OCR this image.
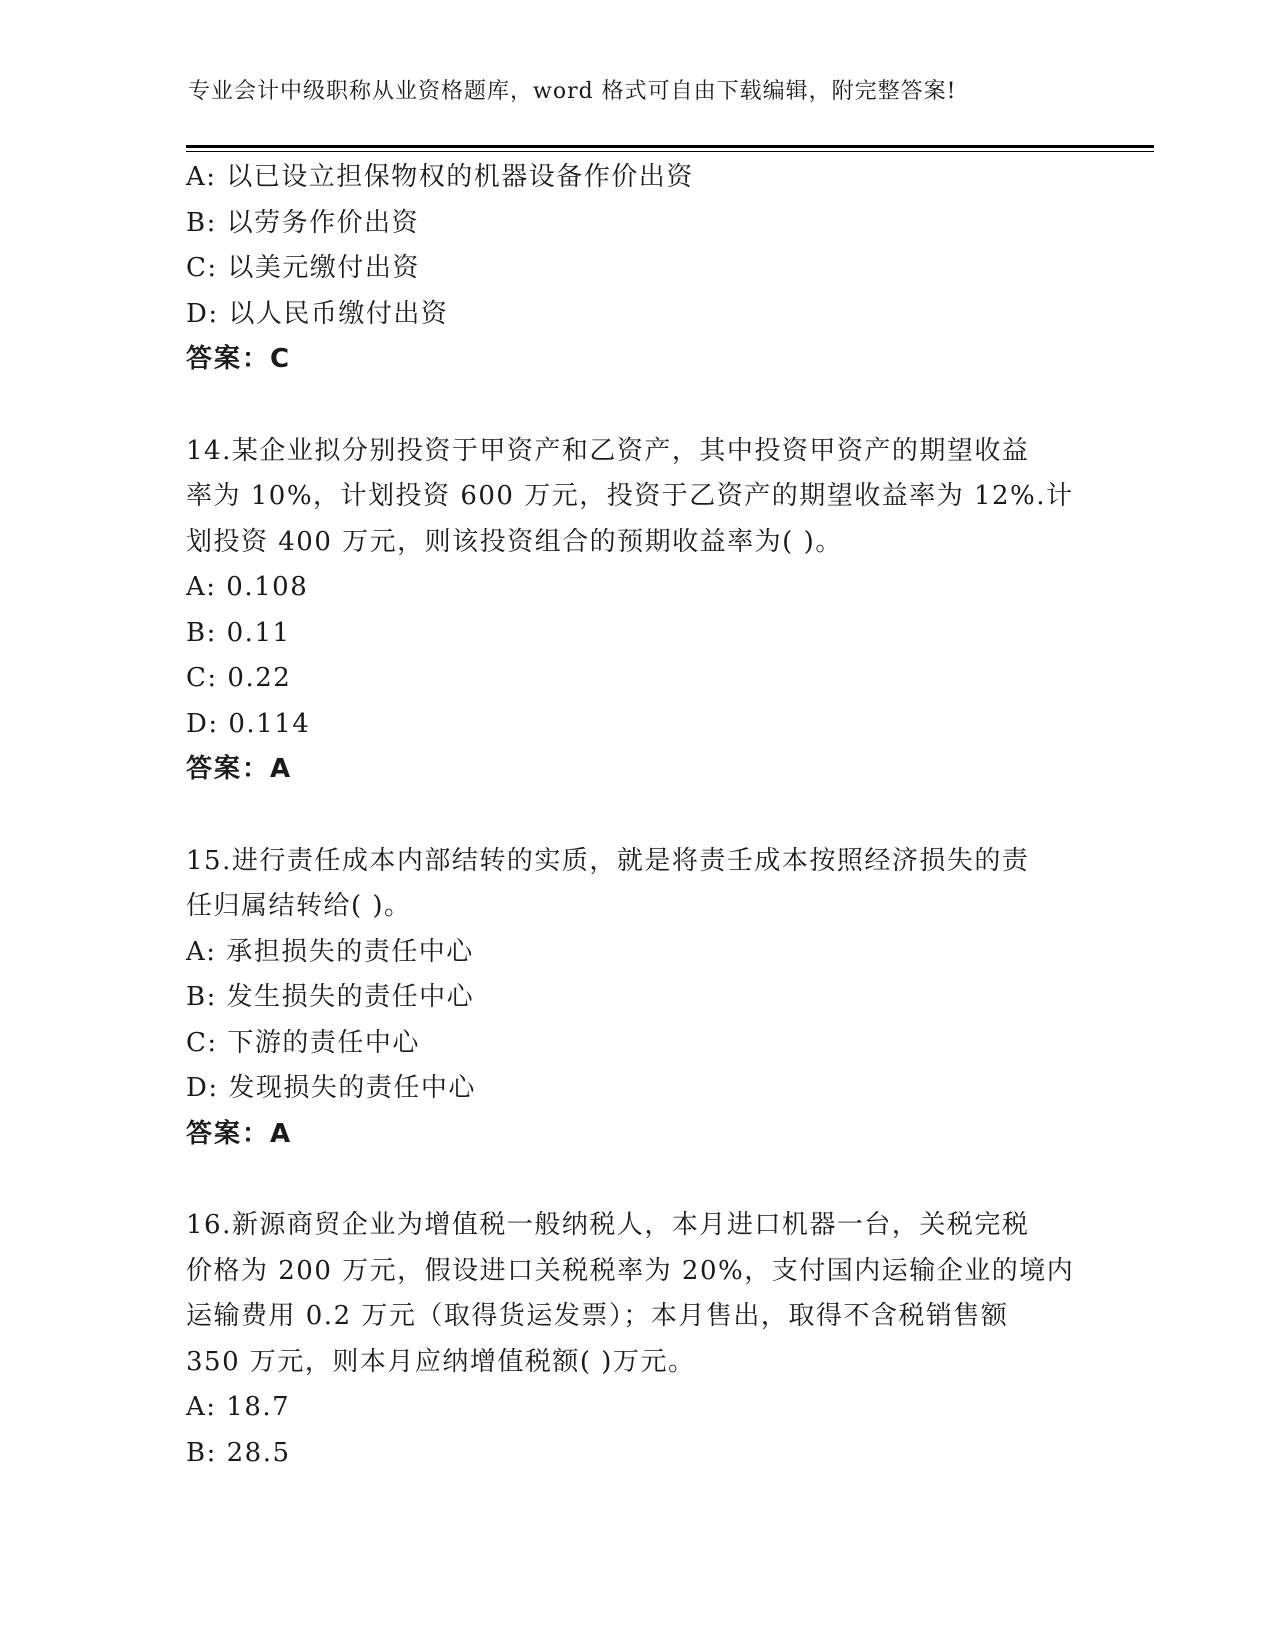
专业会计中级职称从业资格题库，word 格式可自由下载编辑，附完整答案!
A: 以已设立担保物权的机器设备作价出资
B: 以劳务作价出资
C: 以美元缴付出资
D: 以人民币缴付出资
答案：C
14.某企业拟分别投资于甲资产和乙资产，其中投资甲资产的期望收益
率为 10%，计划投资 600 万元，投资于乙资产的期望收益率为 12%.计
划投资 400 万元，则该投资组合的预期收益率为( )。
A: 0.108
B: 0.11
C: 0.22
D: 0.114
答案：A
15.进行责任成本内部结转的实质，就是将责壬成本按照经济损失的责
任归属结转给( )。
A: 承担损失的责任中心
B: 发生损失的责任中心
C: 下游的责任中心
D: 发现损失的责任中心
答案：A
16.新源商贸企业为增值税一般纳税人，本月进口机器一台，关税完税
价格为 200 万元，假设进口关税税率为 20%，支付国内运输企业的境内
运输费用 0.2 万元（取得货运发票）；本月售出，取得不含税销售额
350 万元，则本月应纳增值税额( )万元。
A: 18.7
B: 28.5
